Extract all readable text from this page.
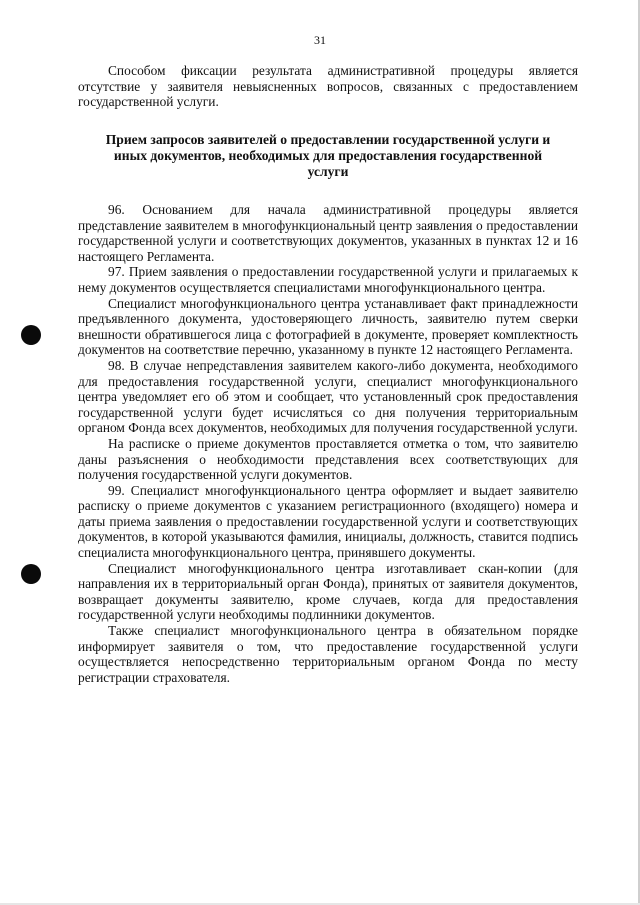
31

Способом фиксации результата административной процедуры является отсутствие у заявителя невыясненных вопросов, связанных с предоставлением государственной услуги.

Прием запросов заявителей о предоставлении государственной услуги и иных документов, необходимых для предоставления государственной услуги

96. Основанием для начала административной процедуры является представление заявителем в многофункциональный центр заявления о предоставлении государственной услуги и соответствующих документов, указанных в пунктах 12 и 16 настоящего Регламента.

97. Прием заявления о предоставлении государственной услуги и прилагаемых к нему документов осуществляется специалистами многофункционального центра.

Специалист многофункционального центра устанавливает факт принадлежности предъявленного документа, удостоверяющего личность, заявителю путем сверки внешности обратившегося лица с фотографией в документе, проверяет комплектность документов на соответствие перечню, указанному в пункте 12 настоящего Регламента.

98. В случае непредставления заявителем какого-либо документа, необходимого для предоставления государственной услуги, специалист многофункционального центра уведомляет его об этом и сообщает, что установленный срок предоставления государственной услуги будет исчисляться со дня получения территориальным органом Фонда всех документов, необходимых для получения государственной услуги.

На расписке о приеме документов проставляется отметка о том, что заявителю даны разъяснения о необходимости представления всех соответствующих для получения государственной услуги документов.

99. Специалист многофункционального центра оформляет и выдает заявителю расписку о приеме документов с указанием регистрационного (входящего) номера и даты приема заявления о предоставлении государственной услуги и соответствующих документов, в которой указываются фамилия, инициалы, должность, ставится подпись специалиста многофункционального центра, принявшего документы.

Специалист многофункционального центра изготавливает скан-копии (для направления их в территориальный орган Фонда), принятых от заявителя документов, возвращает документы заявителю, кроме случаев, когда для предоставления государственной услуги необходимы подлинники документов.

Также специалист многофункционального центра в обязательном порядке информирует заявителя о том, что предоставление государственной услуги осуществляется непосредственно территориальным органом Фонда по месту регистрации страхователя.
